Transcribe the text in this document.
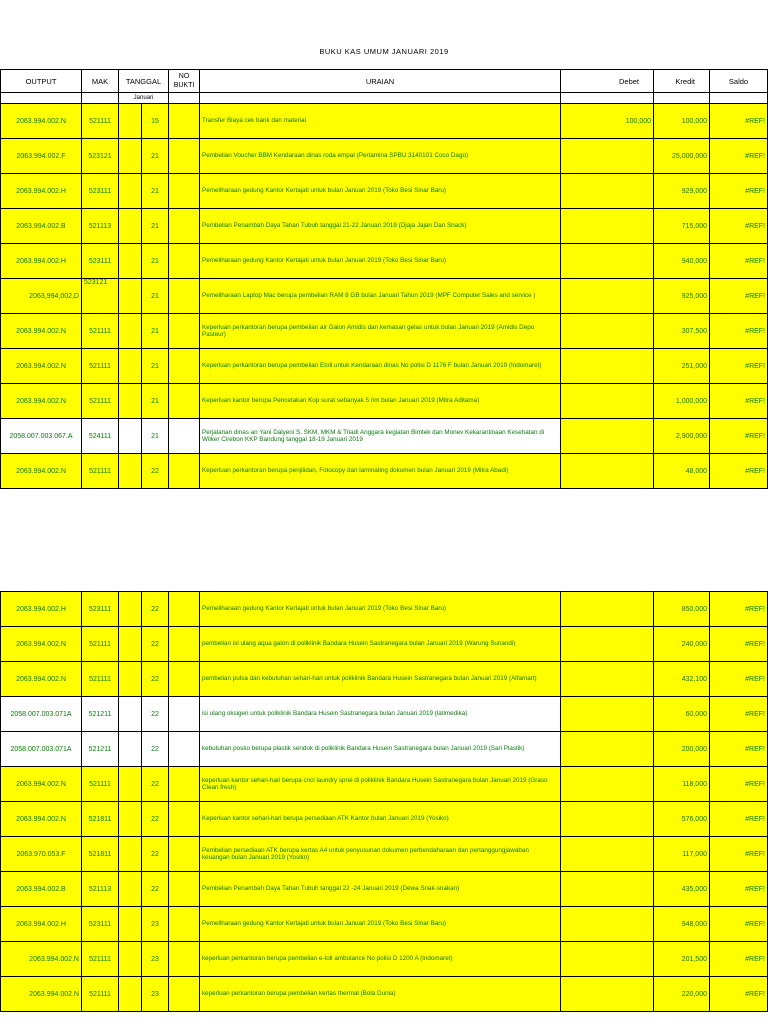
BUKU KAS UMUM JANUARI 2019
OUTPUT	MAK	TANGGAL		NO BUKTI	URAIAN	Debet	Kredit	Saldo
		Januari						
2063.994.002.N	521111		15		Transfer Biaya cek bank dan material	100,000	100,000	#REF!
2063.994.002.F	523121		21		Pembelian Voucher BBM Kendaraan dinas roda empat (Pertamina SPBU 3140101 Coco Dago)		25,000,000	#REF!
2063.994.002.H	523111		21		Pemeliharaan gedung Kantor Kertajati untuk bulan Januari 2019 (Toko Besi Sinar Baru)		929,000	#REF!
2063.994.002.B	521113		21		Pembelian Penambah Daya Tahan Tubuh tanggal 21-22 Januari 2019 (Djaja Jajan Dan Snack)		715,000	#REF!
2063.994.002.H	523111		21		Pemeliharaan gedung Kantor Kertajati untuk bulan Januari 2019 (Toko Besi Sinar Baru)		940,000	#REF!
2063,994,002,D	523121		21		Pemeliharaan Laptop Mac berupa pembelian RAM 8 GB bulan Januari Tahun 2019 (MPF Computer Sales and service )		925,000	#REF!
2063.994.002.N	521111		21		Keperluan perkantoran berupa pembelian air Galon Amidis dan kemasan gelas untuk bulan Januari 2019 (Amidis Depo Pasteur)		307,500	#REF!
2063.994.002.N	521111		21		Keperluan perkantoran berupa pembelian Etoll untuk Kendaraan dinas No polisi D 1176 F bulan Januari 2019 (Indomaret)		251,000	#REF!
2063.994.002.N	521111		21		Keperluan kantor berupa Pencetakan Kop surat sebanyak 5 rim bulan Januari 2019 (Mitra Aditama)		1,000,000	#REF!
2058.007.003.067.A	524111		21		Perjalanan dinas an Yani Dalyeni S, SKM, MKM & Triadi Anggara kegiatan Bimtek dan Monev Kekarantinaan Kesehatan di Wilker Cirebon KKP Bandung tanggal 18-19 Januari 2019		2,900,000	#REF!
2063.994.002.N	521111		22		Keperluan perkantoran berupa penjilidan, Fotocopy dan laminating dokumen bulan Januari 2019 (Mitra Abadi)		48,000	#REF!
2063.994.002.H	523111		22		Pemeliharaan gedung Kantor Kertajati untuk bulan Januari 2019 (Toko Besi Sinar Baru)		850,000	#REF!
2063.994.002.N	521111		22		pembelian isi ulang aqua galon di poliklinik Bandara Husein Sastranegara bulan Januari 2019 (Warung Sunandi)		240,000	#REF!
2063.994.002.N	521111		22		pembelian pulsa dan kebutuhan sehari-hari untuk poliklinik Bandara Husein Sastranegara bulan Januari 2019 (Alfamart)		432,100	#REF!
2058.007.003.071A	521211		22		isi ulang oksigen untuk poliklinik Bandara Husein Sastranegara bulan Januari 2019 (latimedika)		60,000	#REF!
2058.007.003.071A	521211		22		kebutuhan posko berupa plastik sendok di poliklinik Bandara Husein Sastranegara bulan Januari 2019 (Sari Plastik)		200,000	#REF!
2063.994.002.N	521111		22		keperluan kantor sehari-hari berupa cncl laundry sprei di poliklinik Bandara Husein Sastranegara bulan Januari 2019 (Graso Clean fresh)		118,000	#REF!
2063.994.002.N	521811		22		Keperluan kantor sehari-hari berupa persediaan ATK Kantor bulan Januari 2019 (Yosiko)		576,000	#REF!
2063.970.053.F	521811		22		Pembelian persediaan ATK berupa kertas A4 untuk penyusunan dokumen perbendaharaan dan pertanggungjawaban keuangan bulan Januari 2019 (Yosiko)		117,000	#REF!
2063.994.002.B	521113		22		Pembelian Penambah Daya Tahan Tubuh tanggal 22 -24 Januari 2019 (Dewa Snak-snakan)		435,000	#REF!
2063.994.002.H	523111		23		Pemeliharaan gedung Kantor Kertajati untuk bulan Januari 2019 (Toko Besi Sinar Baru)		948,000	#REF!
2063.994.002.N	521111		23		keperluan perkantoran berupa pembelian e-toll ambulance No polisi D 1200 A (Indomaret)		201,500	#REF!
2063.994.002.N	521111		23		keperluan perkantoran berupa pembelian kertas thermal (Bola Dunia)		220,000	#REF!
